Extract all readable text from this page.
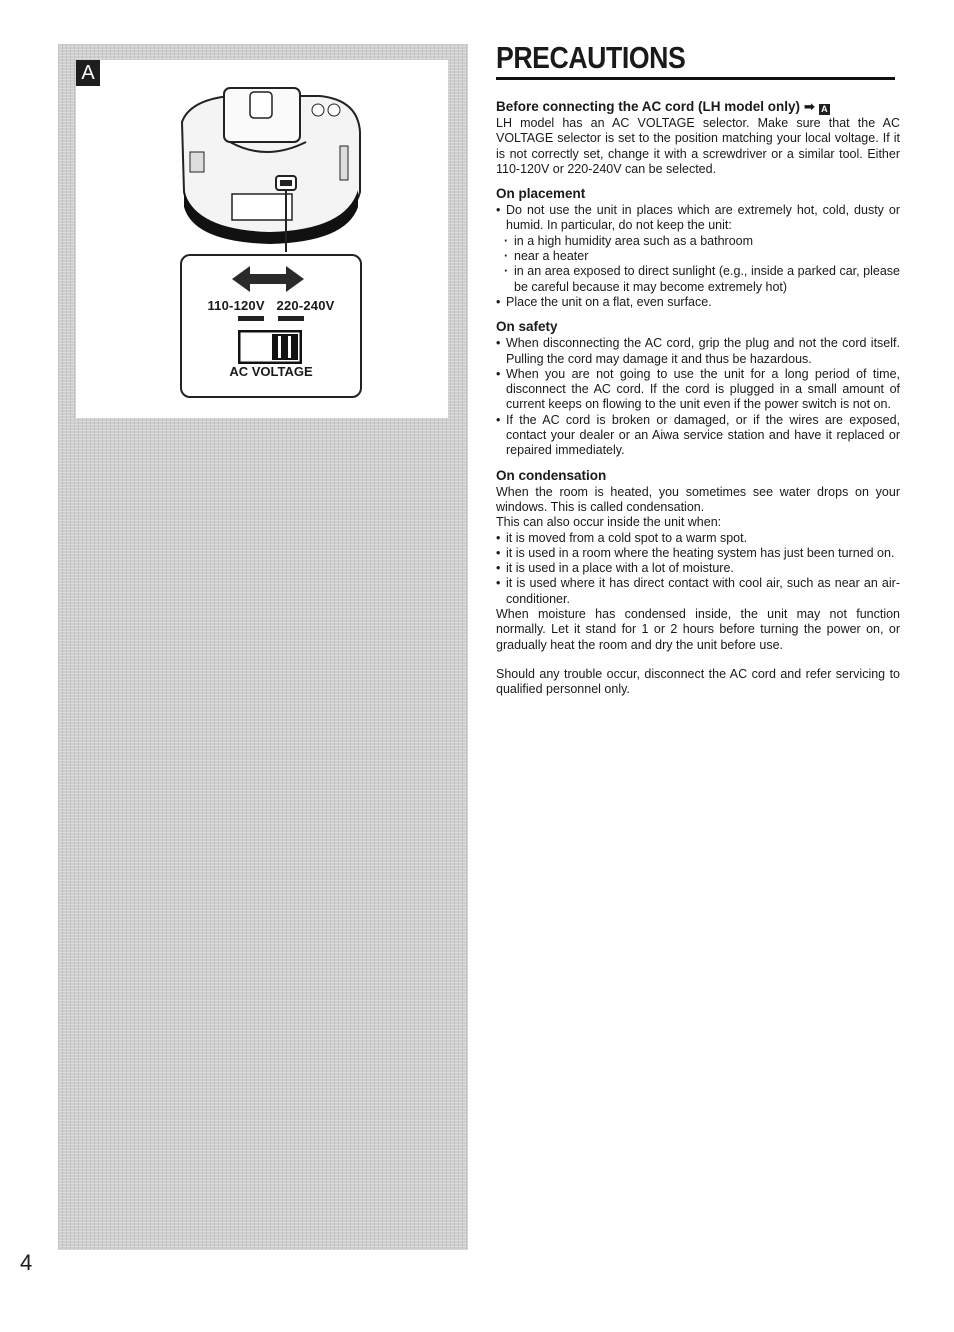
A
110-120V 220-240V
AC VOLTAGE
PRECAUTIONS
Before connecting the AC cord (LH model only) ➡ A

LH model has an AC VOLTAGE selector. Make sure that the AC VOLTAGE selector is set to the position matching your local voltage. If it is not correctly set, change it with a screwdriver or a similar tool. Either 110-120V or 220-240V can be selected.

On placement
• Do not use the unit in places which are extremely hot, cold, dusty or humid. In particular, do not keep the unit:
· in a high humidity area such as a bathroom
· near a heater
· in an area exposed to direct sunlight (e.g., inside a parked car, please be careful because it may become extremely hot)
• Place the unit on a flat, even surface.
On safety
• When disconnecting the AC cord, grip the plug and not the cord itself. Pulling the cord may damage it and thus be hazardous.
• When you are not going to use the unit for a long period of time, disconnect the AC cord. If the cord is plugged in a small amount of current keeps on flowing to the unit even if the power switch is not on.
• If the AC cord is broken or damaged, or if the wires are exposed, contact your dealer or an Aiwa service station and have it replaced or repaired immediately.
On condensation

When the room is heated, you sometimes see water drops on your windows. This is called condensation.

This can also occur inside the unit when:

• it is moved from a cold spot to a warm spot.
• it is used in a room where the heating system has just been turned on.
• it is used in a place with a lot of moisture.
• it is used where it has direct contact with cool air, such as near an air-conditioner.

When moisture has condensed inside, the unit may not function normally. Let it stand for 1 or 2 hours before turning the power on, or gradually heat the room and dry the unit before use.

Should any trouble occur, disconnect the AC cord and refer servicing to qualified personnel only.

4
